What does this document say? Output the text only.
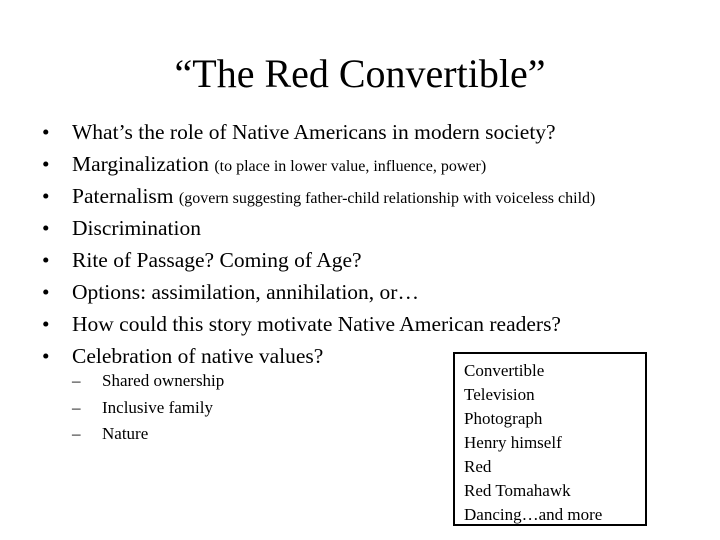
“The Red Convertible”
•	What’s the role of Native Americans in modern society?
•	Marginalization (to place in lower value, influence, power)
•	Paternalism (govern suggesting father-child relationship with voiceless child)
•	Discrimination
•	Rite of Passage? Coming of Age?
•	Options: assimilation, annihilation, or…
•	How could this story motivate Native American readers?
•	Celebration of native values?
– Shared ownership
– Inclusive family
– Nature
Convertible
Television
Photograph
Henry himself
Red
Red Tomahawk
Dancing…and more
